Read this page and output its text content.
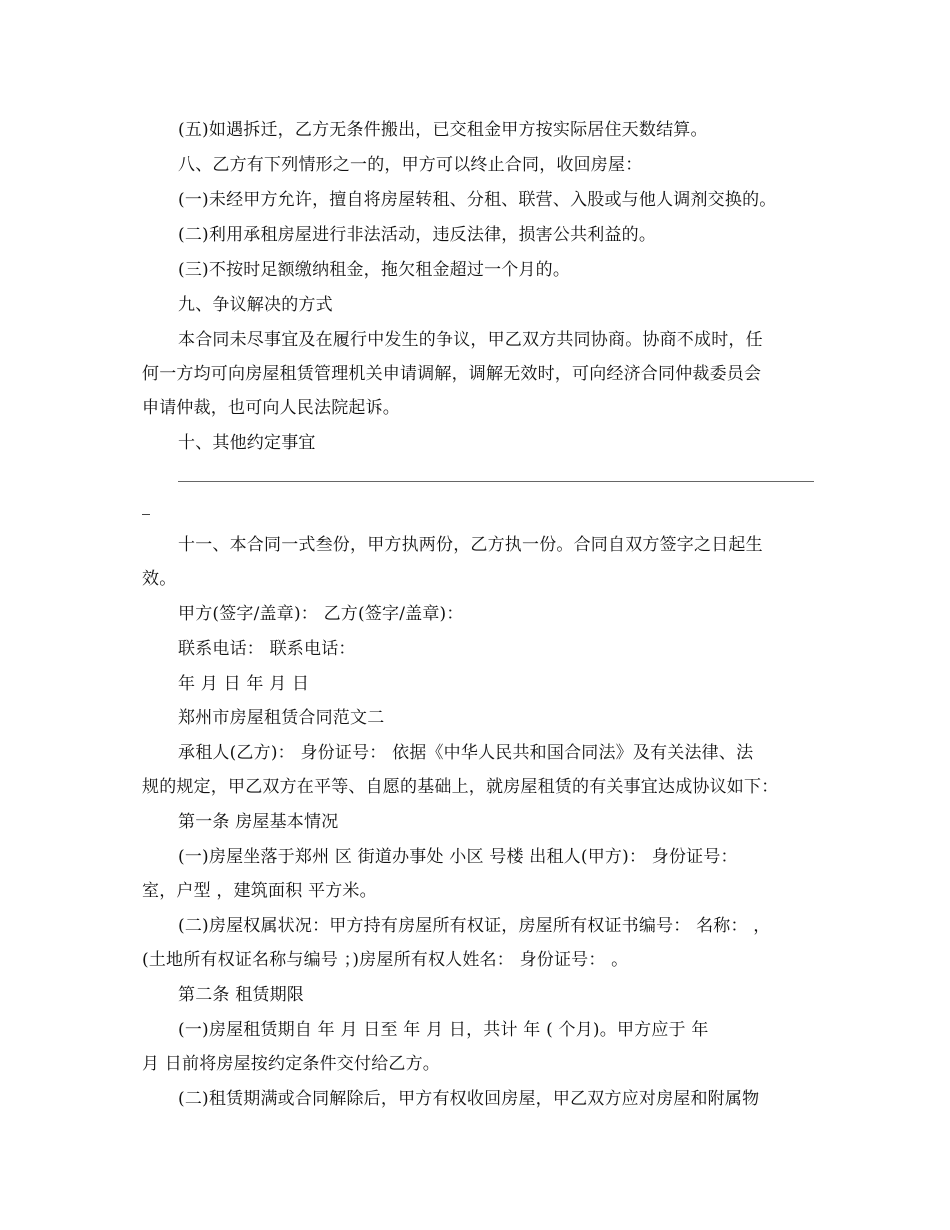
(五)如遇拆迁，乙方无条件搬出，已交租金甲方按实际居住天数结算。
八、乙方有下列情形之一的，甲方可以终止合同，收回房屋：
(一)未经甲方允许，擅自将房屋转租、分租、联营、入股或与他人调剂交换的。
(二)利用承租房屋进行非法活动，违反法律，损害公共利益的。
(三)不按时足额缴纳租金，拖欠租金超过一个月的。
九、争议解决的方式
本合同未尽事宜及在履行中发生的争议，甲乙双方共同协商。协商不成时，任
何一方均可向房屋租赁管理机关申请调解，调解无效时，可向经济合同仲裁委员会
申请仲裁，也可向人民法院起诉。
十、其他约定事宜
十一、本合同一式叁份，甲方执两份，乙方执一份。合同自双方签字之日起生
效。
甲方(签字/盖章)： 乙方(签字/盖章)：
联系电话： 联系电话：
年 月 日 年 月 日
郑州市房屋租赁合同范文二
承租人(乙方)： 身份证号： 依据《中华人民共和国合同法》及有关法律、法
规的规定，甲乙双方在平等、自愿的基础上，就房屋租赁的有关事宜达成协议如下：
第一条 房屋基本情况
(一)房屋坐落于郑州 区 街道办事处 小区 号楼 出租人(甲方)： 身份证号：
室，户型 ，建筑面积 平方米。
(二)房屋权属状况：甲方持有房屋所有权证，房屋所有权证书编号： 名称： ，
(土地所有权证名称与编号 ；)房屋所有权人姓名： 身份证号： 。
第二条 租赁期限
(一)房屋租赁期自 年 月 日至 年 月 日，共计 年 ( 个月)。甲方应于 年
月 日前将房屋按约定条件交付给乙方。
(二)租赁期满或合同解除后，甲方有权收回房屋，甲乙双方应对房屋和附属物
